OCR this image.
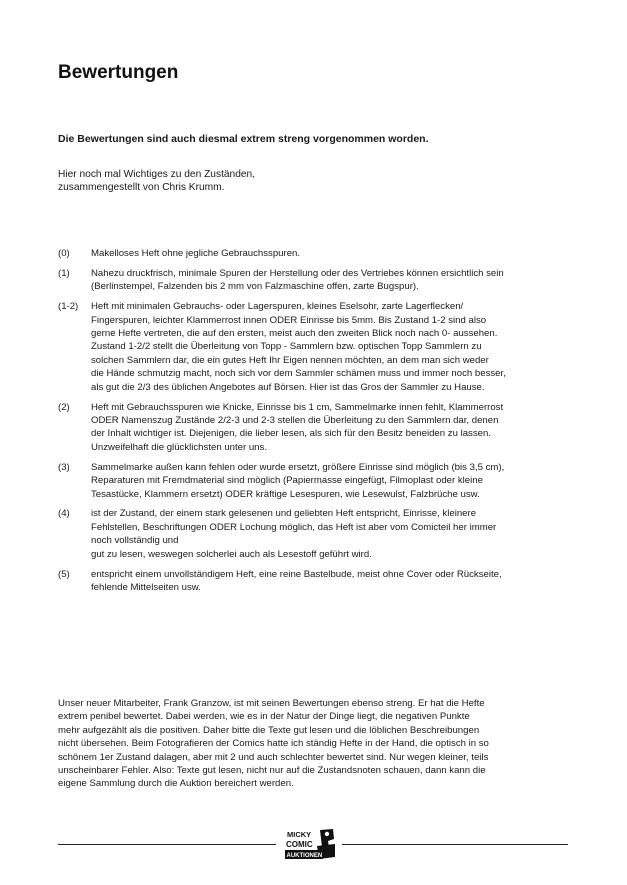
Bewertungen
Die Bewertungen sind auch diesmal extrem streng vorgenommen worden.
Hier noch mal Wichtiges zu den Zuständen,
zusammengestellt von Chris Krumm.
(0)	Makelloses Heft ohne jegliche Gebrauchsspuren.
(1)	Nahezu druckfrisch, minimale Spuren der Herstellung oder des Vertriebes können ersichtlich sein
(Berlinstempel, Falzenden bis 2 mm von Falzmaschine offen, zarte Bugspur).
(1-2)	Heft mit minimalen Gebrauchs- oder Lagerspuren, kleines Eselsohr, zarte Lagerflecken/
Fingerspuren, leichter Klammerrost innen ODER Einrisse bis 5mm. Bis Zustand 1-2 sind also
gerne Hefte vertreten, die auf den ersten, meist auch den zweiten Blick noch nach 0- aussehen.
Zustand 1-2/2 stellt die Überleitung von Topp - Sammlern bzw. optischen Topp Sammlern zu
solchen Sammlern dar, die ein gutes Heft Ihr Eigen nennen möchten, an dem man sich weder
die Hände schmutzig macht, noch sich vor dem Sammler schämen muss und immer noch besser,
als gut die 2/3 des üblichen Angebotes auf Börsen. Hier ist das Gros der Sammler zu Hause.
(2)	Heft mit Gebrauchsspuren wie Knicke, Einrisse bis 1 cm, Sammelmarke innen fehlt, Klammerrost
ODER Namenszug Zustände 2/2-3 und 2-3 stellen die Überleitung zu den Sammlern dar, denen
der Inhalt wichtiger ist. Diejenigen, die lieber lesen, als sich für den Besitz beneiden zu lassen.
Unzweifelhaft die glücklichsten unter uns.
(3)	Sammelmarke außen kann fehlen oder wurde ersetzt, größere Einrisse sind möglich (bis 3,5 cm),
Reparaturen mit Fremdmaterial sind möglich (Papiermasse eingefügt, Filmoplast oder kleine
Tesastücke, Klammern ersetzt) ODER kräftige Lesespuren, wie Lesewulst, Falzbrüche usw.
(4)	ist der Zustand, der einem stark gelesenen und geliebten Heft entspricht, Einrisse, kleinere
Fehlstellen, Beschriftungen ODER Lochung möglich, das Heft ist aber vom Comicteil her immer
noch vollständig und
gut zu lesen, weswegen solcherlei auch als Lesestoff geführt wird.
(5)	entspricht einem unvollständigem Heft, eine reine Bastelbude, meist ohne Cover oder Rückseite,
fehlende Mittelseiten usw.
Unser neuer Mitarbeiter, Frank Granzow, ist mit seinen Bewertungen ebenso streng. Er hat die Hefte
extrem penibel bewertet. Dabei werden, wie es in der Natur der Dinge liegt, die negativen Punkte
mehr aufgezählt als die positiven. Daher bitte die Texte gut lesen und die löblichen Beschreibungen
nicht übersehen. Beim Fotografieren der Comics hatte ich ständig Hefte in der Hand, die optisch in so
schönem 1er Zustand dalagen, aber mit 2 und auch schlechter bewertet sind. Nur wegen kleiner, teils
unscheinbarer Fehler. Also: Texte gut lesen, nicht nur auf die Zustandsnoten schauen, dann kann die
eigene Sammlung durch die Auktion bereichert werden.
MICKY
COMIC
AUKTIONEN
